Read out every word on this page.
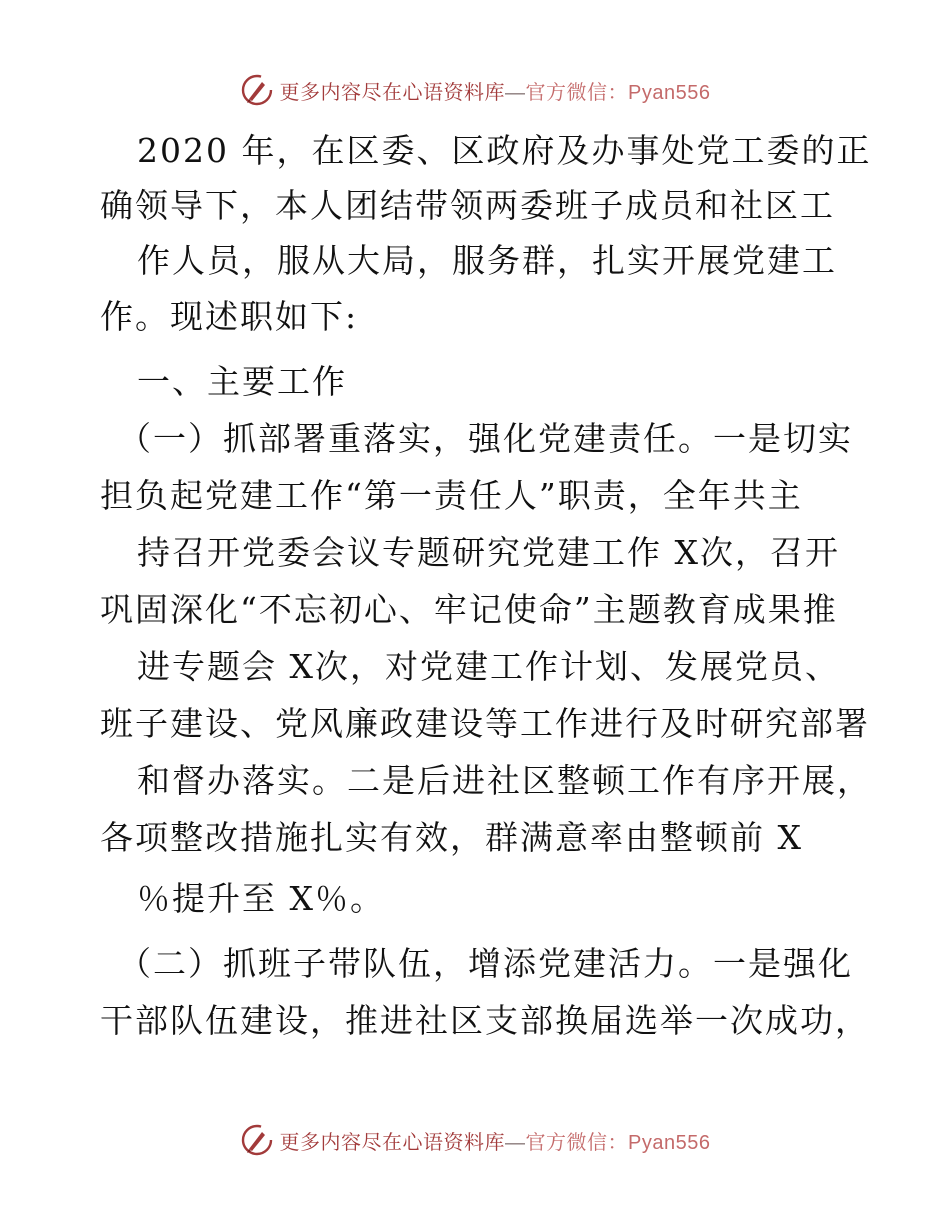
更多内容尽在心语资料库—官方微信：Pyan556
2020 年，在区委、区政府及办事处党工委的正
确领导下，本人团结带领两委班子成员和社区工
作人员，服从大局，服务群，扎实开展党建工
作。现述职如下:
一、主要工作
（一）抓部署重落实，强化党建责任。一是切实
担负起党建工作“第一责任人”职责，全年共主
持召开党委会议专题研究党建工作 X次，召开
巩固深化“不忘初心、牢记使命”主题教育成果推
进专题会 X次，对党建工作计划、发展党员、
班子建设、党风廉政建设等工作进行及时研究部署
和督办落实。二是后进社区整顿工作有序开展，
各项整改措施扎实有效，群满意率由整顿前 X
％提升至 X％。
（二）抓班子带队伍，增添党建活力。一是强化
干部队伍建设，推进社区支部换届选举一次成功，
更多内容尽在心语资料库—官方微信：Pyan556
